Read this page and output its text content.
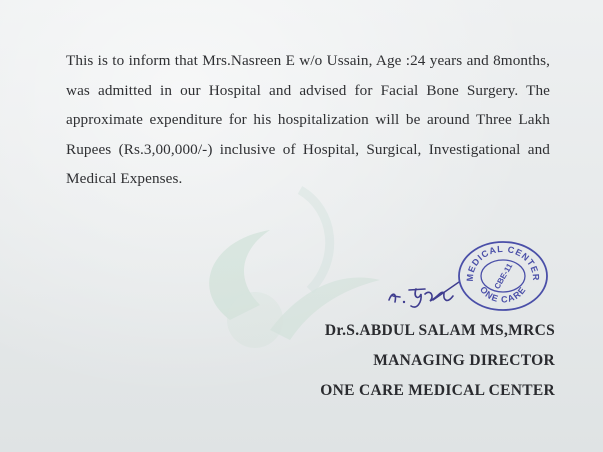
This is to inform that Mrs.Nasreen E w/o Ussain, Age :24 years and 8months, was admitted in our Hospital and advised for Facial Bone Surgery. The approximate expenditure for his hospitalization will be around Three Lakh Rupees (Rs.3,00,000/-) inclusive of Hospital, Surgical, Investigational and Medical Expenses.
MEDICAL CENTER
ONE CARE
CBE-11
Dr.S.ABDUL SALAM MS,MRCS
MANAGING DIRECTOR
ONE CARE MEDICAL CENTER
